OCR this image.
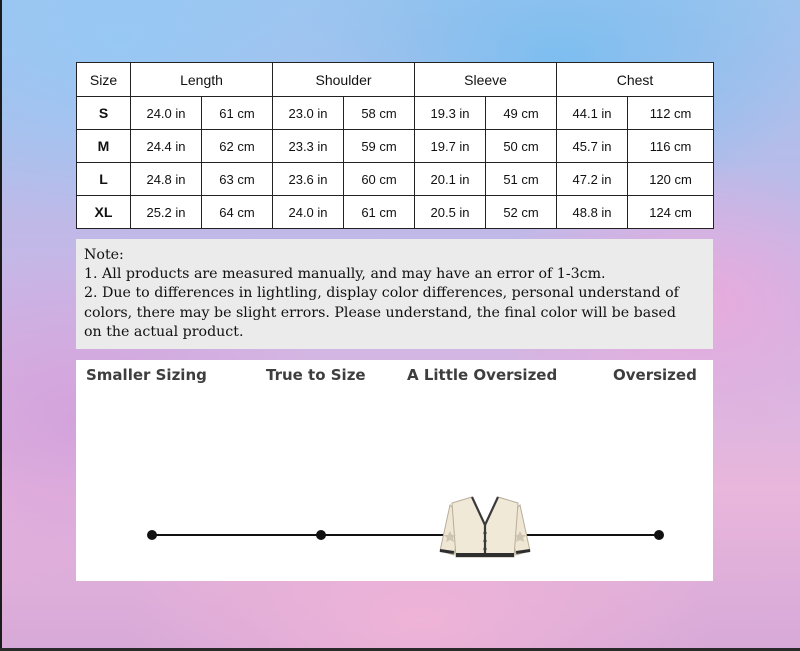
Size	Length		Shoulder		Sleeve		Chest	
S	24.0 in	61 cm	23.0 in	58 cm	19.3 in	49 cm	44.1 in	112 cm
M	24.4 in	62 cm	23.3 in	59 cm	19.7 in	50 cm	45.7 in	116 cm
L	24.8 in	63 cm	23.6 in	60 cm	20.1 in	51 cm	47.2 in	120 cm
XL	25.2 in	64 cm	24.0 in	61 cm	20.5 in	52 cm	48.8 in	124 cm
Note:
1. All products are measured manually, and may have an error of 1-3cm.
2. Due to differences in lightling, display color differences, personal understand of
colors, there may be slight errors. Please understand, the final color will be based
on the actual product.
Smaller Sizing	True to Size	A Little Oversized	Oversized
